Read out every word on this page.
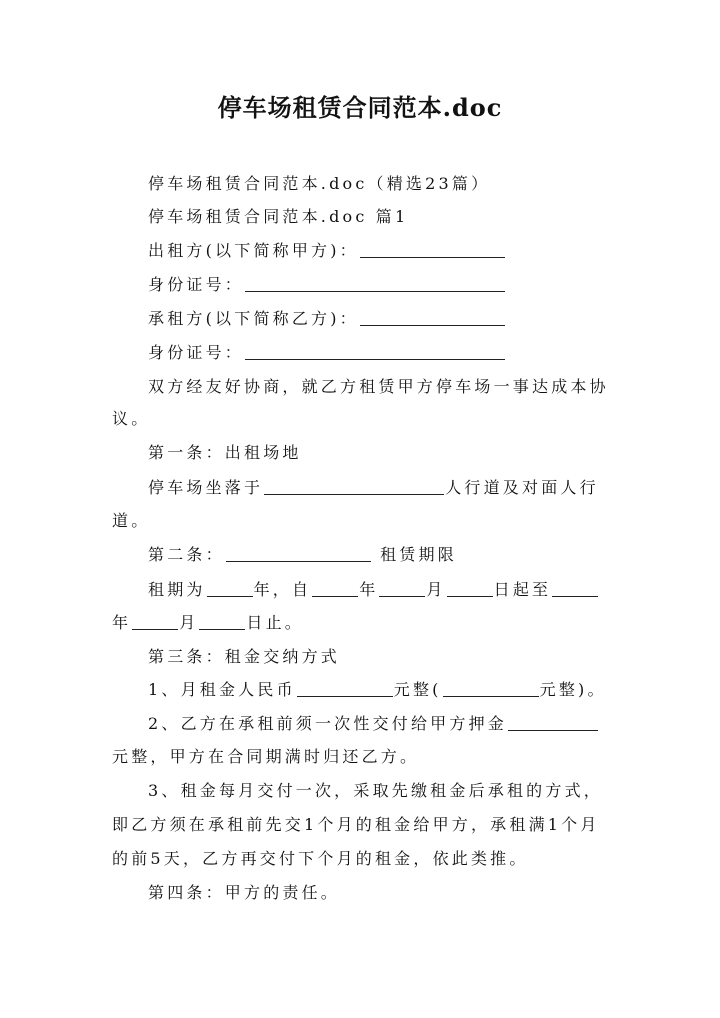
停车场租赁合同范本.doc
停车场租赁合同范本.doc（精选23篇）
停车场租赁合同范本.doc 篇1
出租方(以下简称甲方)：
身份证号：
承租方(以下简称乙方)：
身份证号：
双方经友好协商，就乙方租赁甲方停车场一事达成本协
议。
第一条：出租场地
停车场坐落于	人行道及对面人行
道。
第二条：	租赁期限
租期为	年，自	年	月	日起至
年	月	日止。
第三条：租金交纳方式
1、月租金人民币	元整(	元整)。
2、乙方在承租前须一次性交付给甲方押金
元整，甲方在合同期满时归还乙方。
3、租金每月交付一次，采取先缴租金后承租的方式，
即乙方须在承租前先交1个月的租金给甲方，承租满1个月
的前5天，乙方再交付下个月的租金，依此类推。
第四条：甲方的责任。
